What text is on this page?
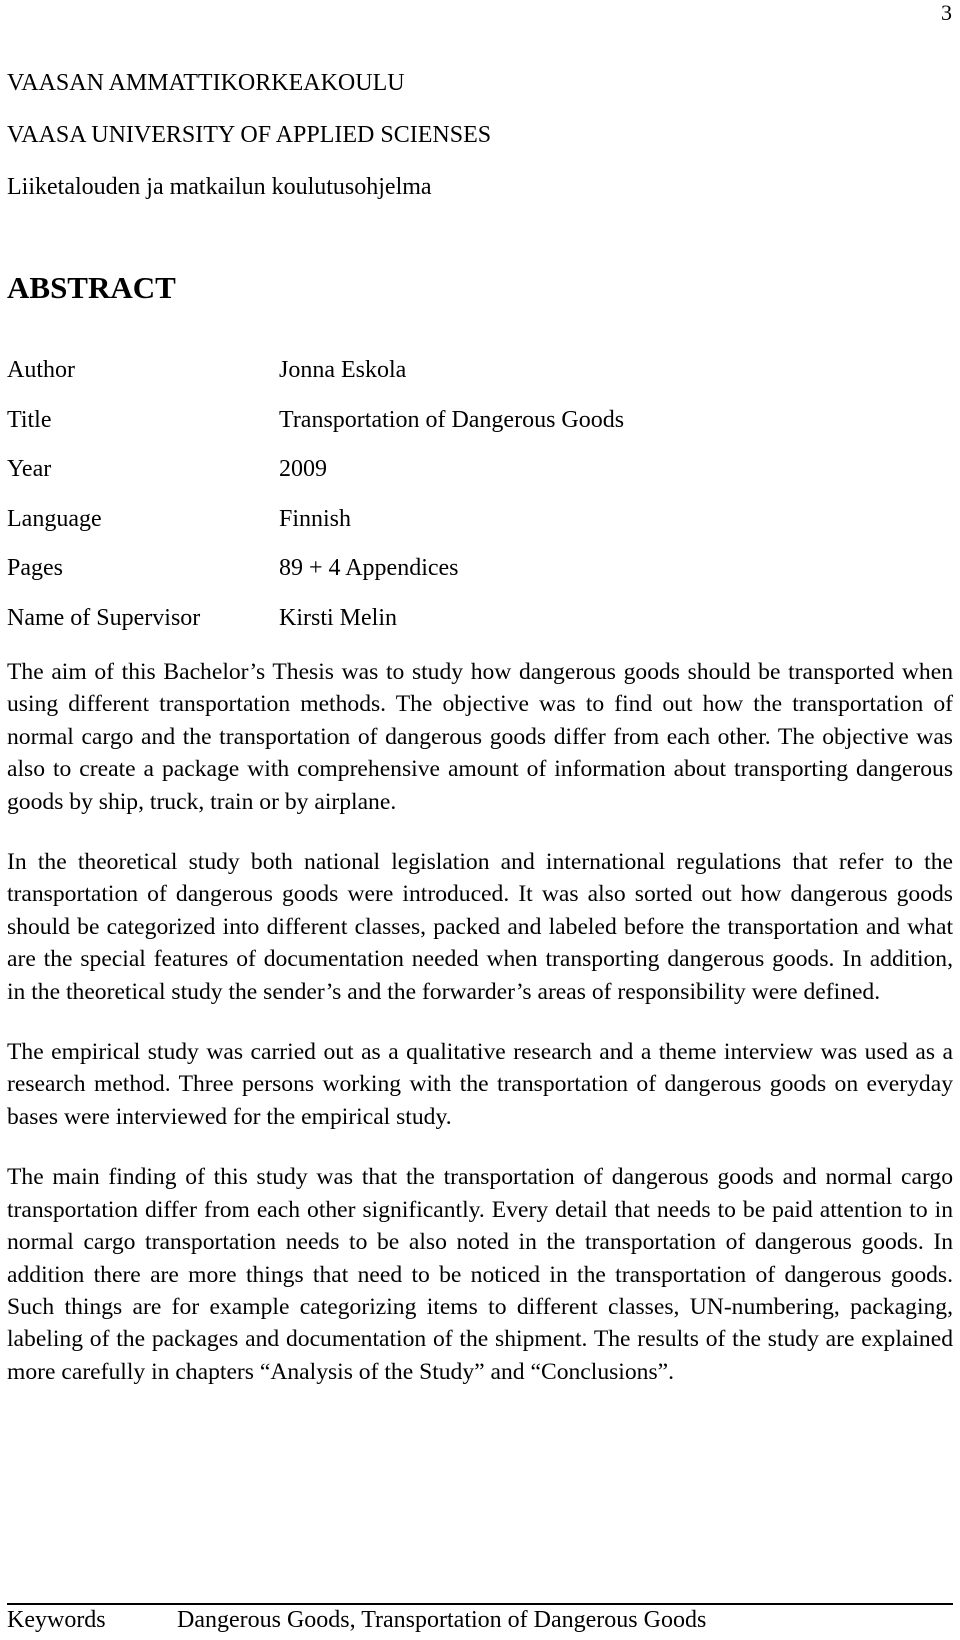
3
VAASAN AMMATTIKORKEAKOULU
VAASA UNIVERSITY OF APPLIED SCIENSES
Liiketalouden ja matkailun koulutusohjelma
ABSTRACT
Author	Jonna Eskola
Title	Transportation of Dangerous Goods
Year	2009
Language	Finnish
Pages	89 + 4 Appendices
Name of Supervisor	Kirsti Melin

The aim of this Bachelor’s Thesis was to study how dangerous goods should be transported when using different transportation methods. The objective was to find out how the transportation of normal cargo and the transportation of dangerous goods differ from each other. The objective was also to create a package with comprehensive amount of information about transporting dangerous goods by ship, truck, train or by airplane.

In the theoretical study both national legislation and international regulations that refer to the transportation of dangerous goods were introduced. It was also sorted out how dangerous goods should be categorized into different classes, packed and labeled before the transportation and what are the special features of documentation needed when transporting dangerous goods. In addition, in the theoretical study the sender’s and the forwarder’s areas of responsibility were defined.

The empirical study was carried out as a qualitative research and a theme interview was used as a research method. Three persons working with the transportation of dangerous goods on everyday bases were interviewed for the empirical study.

The main finding of this study was that the transportation of dangerous goods and normal cargo transportation differ from each other significantly. Every detail that needs to be paid attention to in normal cargo transportation needs to be also noted in the transportation of dangerous goods. In addition there are more things that need to be noticed in the transportation of dangerous goods. Such things are for example categorizing items to different classes, UN-numbering, packaging, labeling of the packages and documentation of the shipment. The results of the study are explained more carefully in chapters “Analysis of the Study” and “Conclusions”.

Keywords	Dangerous Goods, Transportation of Dangerous Goods
